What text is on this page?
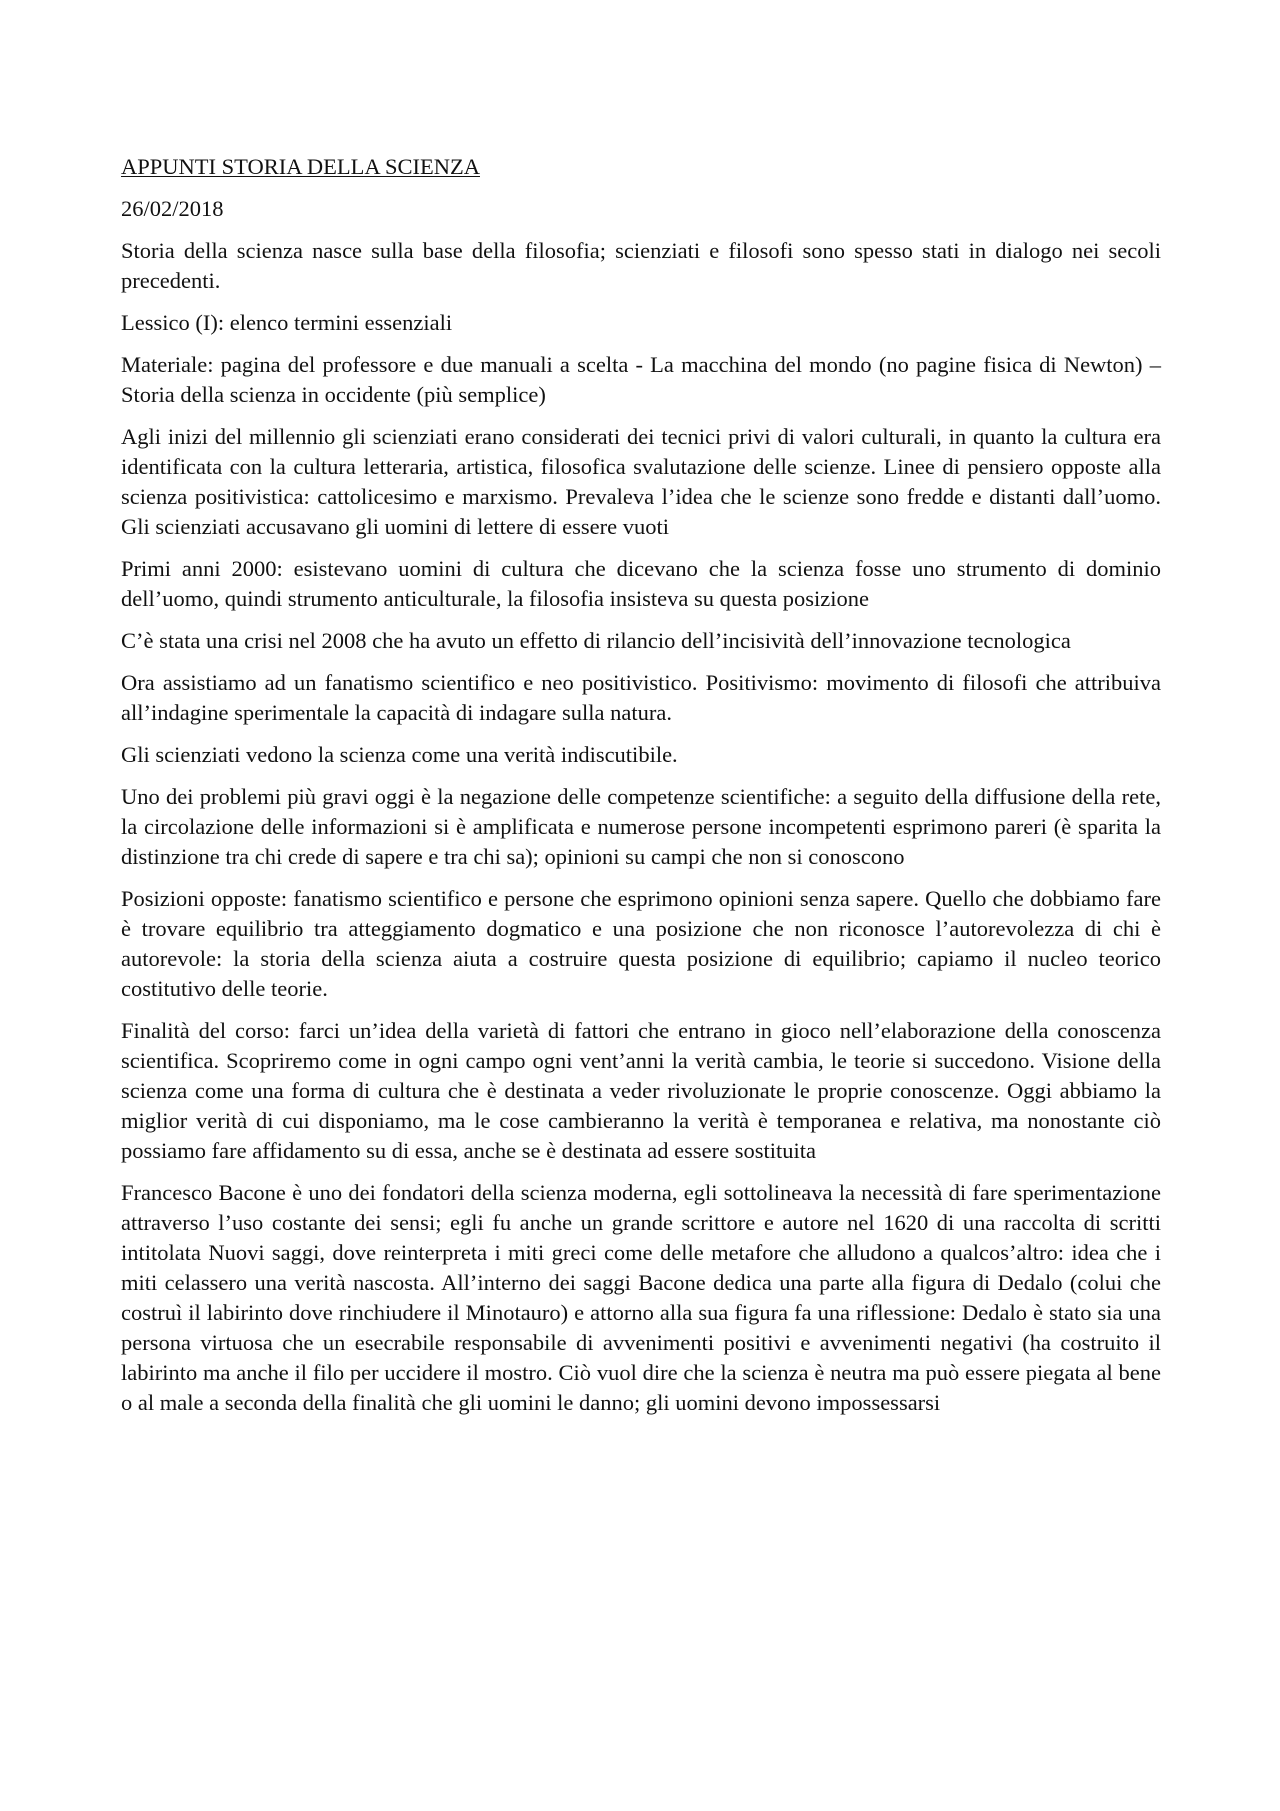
APPUNTI STORIA DELLA SCIENZA

26/02/2018

Storia della scienza nasce sulla base della filosofia; scienziati e filosofi sono spesso stati in dialogo nei secoli precedenti.

Lessico (I): elenco termini essenziali

Materiale: pagina del professore e due manuali a scelta - La macchina del mondo (no pagine fisica di Newton) – Storia della scienza in occidente (più semplice)

Agli inizi del millennio gli scienziati erano considerati dei tecnici privi di valori culturali, in quanto la cultura era identificata con la cultura letteraria, artistica, filosofica svalutazione delle scienze. Linee di pensiero opposte alla scienza positivistica: cattolicesimo e marxismo. Prevaleva l’idea che le scienze sono fredde e distanti dall’uomo. Gli scienziati accusavano gli uomini di lettere di essere vuoti

Primi anni 2000: esistevano uomini di cultura che dicevano che la scienza fosse uno strumento di dominio dell’uomo, quindi strumento anticulturale, la filosofia insisteva su questa posizione

C’è stata una crisi nel 2008 che ha avuto un effetto di rilancio dell’incisività dell’innovazione tecnologica

Ora assistiamo ad un fanatismo scientifico e neo positivistico. Positivismo: movimento di filosofi che attribuiva all’indagine sperimentale la capacità di indagare sulla natura.

Gli scienziati vedono la scienza come una verità indiscutibile.

Uno dei problemi più gravi oggi è la negazione delle competenze scientifiche: a seguito della diffusione della rete, la circolazione delle informazioni si è amplificata e numerose persone incompetenti esprimono pareri (è sparita la distinzione tra chi crede di sapere e tra chi sa); opinioni su campi che non si conoscono

Posizioni opposte: fanatismo scientifico e persone che esprimono opinioni senza sapere. Quello che dobbiamo fare è trovare equilibrio tra atteggiamento dogmatico e una posizione che non riconosce l’autorevolezza di chi è autorevole: la storia della scienza aiuta a costruire questa posizione di equilibrio; capiamo il nucleo teorico costitutivo delle teorie.

Finalità del corso: farci un’idea della varietà di fattori che entrano in gioco nell’elaborazione della conoscenza scientifica. Scopriremo come in ogni campo ogni vent’anni la verità cambia, le teorie si succedono. Visione della scienza come una forma di cultura che è destinata a veder rivoluzionate le proprie conoscenze. Oggi abbiamo la miglior verità di cui disponiamo, ma le cose cambieranno la verità è temporanea e relativa, ma nonostante ciò possiamo fare affidamento su di essa, anche se è destinata ad essere sostituita

Francesco Bacone è uno dei fondatori della scienza moderna, egli sottolineava la necessità di fare sperimentazione attraverso l’uso costante dei sensi; egli fu anche un grande scrittore e autore nel 1620 di una raccolta di scritti intitolata Nuovi saggi, dove reinterpreta i miti greci come delle metafore che alludono a qualcos’altro: idea che i miti celassero una verità nascosta. All’interno dei saggi Bacone dedica una parte alla figura di Dedalo (colui che costruì il labirinto dove rinchiudere il Minotauro) e attorno alla sua figura fa una riflessione: Dedalo è stato sia una persona virtuosa che un esecrabile responsabile di avvenimenti positivi e avvenimenti negativi (ha costruito il labirinto ma anche il filo per uccidere il mostro. Ciò vuol dire che la scienza è neutra ma può essere piegata al bene o al male a seconda della finalità che gli uomini le danno; gli uomini devono impossessarsi
